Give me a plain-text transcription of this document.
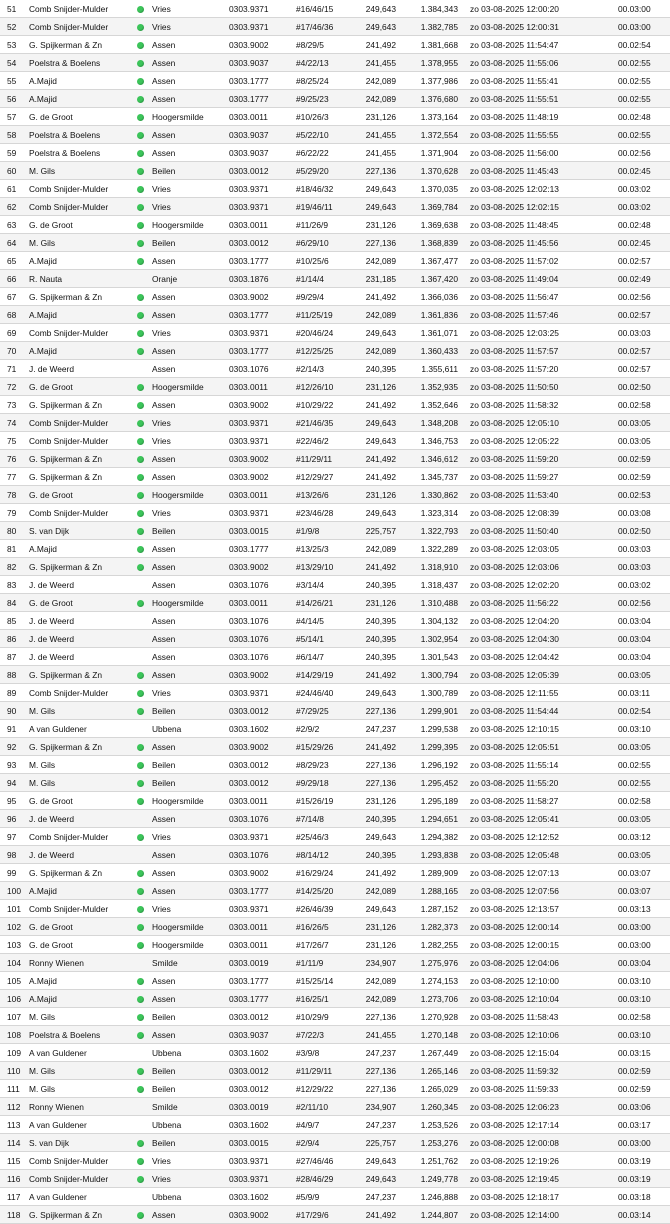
51	Comb Snijder-Mulder		Vries	0303.9371	#16/46/15	249,643	1.384,343	zo 03-08-2025 12:00:20	00.03:00
52	Comb Snijder-Mulder		Vries	0303.9371	#17/46/36	249,643	1.382,785	zo 03-08-2025 12:00:31	00.03:00
53	G. Spijkerman & Zn		Assen	0303.9002	#8/29/5	241,492	1.381,668	zo 03-08-2025 11:54:47	00.02:54
54	Poelstra & Boelens		Assen	0303.9037	#4/22/13	241,455	1.378,955	zo 03-08-2025 11:55:06	00.02:55
55	A.Majid		Assen	0303.1777	#8/25/24	242,089	1.377,986	zo 03-08-2025 11:55:41	00.02:55
56	A.Majid		Assen	0303.1777	#9/25/23	242,089	1.376,680	zo 03-08-2025 11:55:51	00.02:55
57	G. de Groot		Hoogersmilde	0303.0011	#10/26/3	231,126	1.373,164	zo 03-08-2025 11:48:19	00.02:48
58	Poelstra & Boelens		Assen	0303.9037	#5/22/10	241,455	1.372,554	zo 03-08-2025 11:55:55	00.02:55
59	Poelstra & Boelens		Assen	0303.9037	#6/22/22	241,455	1.371,904	zo 03-08-2025 11:56:00	00.02:56
60	M. Gils		Beilen	0303.0012	#5/29/20	227,136	1.370,628	zo 03-08-2025 11:45:43	00.02:45
61	Comb Snijder-Mulder		Vries	0303.9371	#18/46/32	249,643	1.370,035	zo 03-08-2025 12:02:13	00.03:02
62	Comb Snijder-Mulder		Vries	0303.9371	#19/46/11	249,643	1.369,784	zo 03-08-2025 12:02:15	00.03:02
63	G. de Groot		Hoogersmilde	0303.0011	#11/26/9	231,126	1.369,638	zo 03-08-2025 11:48:45	00.02:48
64	M. Gils		Beilen	0303.0012	#6/29/10	227,136	1.368,839	zo 03-08-2025 11:45:56	00.02:45
65	A.Majid		Assen	0303.1777	#10/25/6	242,089	1.367,477	zo 03-08-2025 11:57:02	00.02:57
66	R. Nauta		Oranje	0303.1876	#1/14/4	231,185	1.367,420	zo 03-08-2025 11:49:04	00.02:49
67	G. Spijkerman & Zn		Assen	0303.9002	#9/29/4	241,492	1.366,036	zo 03-08-2025 11:56:47	00.02:56
68	A.Majid		Assen	0303.1777	#11/25/19	242,089	1.361,836	zo 03-08-2025 11:57:46	00.02:57
69	Comb Snijder-Mulder		Vries	0303.9371	#20/46/24	249,643	1.361,071	zo 03-08-2025 12:03:25	00.03:03
70	A.Majid		Assen	0303.1777	#12/25/25	242,089	1.360,433	zo 03-08-2025 11:57:57	00.02:57
71	J. de Weerd		Assen	0303.1076	#2/14/3	240,395	1.355,611	zo 03-08-2025 11:57:20	00.02:57
72	G. de Groot		Hoogersmilde	0303.0011	#12/26/10	231,126	1.352,935	zo 03-08-2025 11:50:50	00.02:50
73	G. Spijkerman & Zn		Assen	0303.9002	#10/29/22	241,492	1.352,646	zo 03-08-2025 11:58:32	00.02:58
74	Comb Snijder-Mulder		Vries	0303.9371	#21/46/35	249,643	1.348,208	zo 03-08-2025 12:05:10	00.03:05
75	Comb Snijder-Mulder		Vries	0303.9371	#22/46/2	249,643	1.346,753	zo 03-08-2025 12:05:22	00.03:05
76	G. Spijkerman & Zn		Assen	0303.9002	#11/29/11	241,492	1.346,612	zo 03-08-2025 11:59:20	00.02:59
77	G. Spijkerman & Zn		Assen	0303.9002	#12/29/27	241,492	1.345,737	zo 03-08-2025 11:59:27	00.02:59
78	G. de Groot		Hoogersmilde	0303.0011	#13/26/6	231,126	1.330,862	zo 03-08-2025 11:53:40	00.02:53
79	Comb Snijder-Mulder		Vries	0303.9371	#23/46/28	249,643	1.323,314	zo 03-08-2025 12:08:39	00.03:08
80	S. van Dijk		Beilen	0303.0015	#1/9/8	225,757	1.322,793	zo 03-08-2025 11:50:40	00.02:50
81	A.Majid		Assen	0303.1777	#13/25/3	242,089	1.322,289	zo 03-08-2025 12:03:05	00.03:03
82	G. Spijkerman & Zn		Assen	0303.9002	#13/29/10	241,492	1.318,910	zo 03-08-2025 12:03:06	00.03:03
83	J. de Weerd		Assen	0303.1076	#3/14/4	240,395	1.318,437	zo 03-08-2025 12:02:20	00.03:02
84	G. de Groot		Hoogersmilde	0303.0011	#14/26/21	231,126	1.310,488	zo 03-08-2025 11:56:22	00.02:56
85	J. de Weerd		Assen	0303.1076	#4/14/5	240,395	1.304,132	zo 03-08-2025 12:04:20	00.03:04
86	J. de Weerd		Assen	0303.1076	#5/14/1	240,395	1.302,954	zo 03-08-2025 12:04:30	00.03:04
87	J. de Weerd		Assen	0303.1076	#6/14/7	240,395	1.301,543	zo 03-08-2025 12:04:42	00.03:04
88	G. Spijkerman & Zn		Assen	0303.9002	#14/29/19	241,492	1.300,794	zo 03-08-2025 12:05:39	00.03:05
89	Comb Snijder-Mulder		Vries	0303.9371	#24/46/40	249,643	1.300,789	zo 03-08-2025 12:11:55	00.03:11
90	M. Gils		Beilen	0303.0012	#7/29/25	227,136	1.299,901	zo 03-08-2025 11:54:44	00.02:54
91	A van Guldener		Ubbena	0303.1602	#2/9/2	247,237	1.299,538	zo 03-08-2025 12:10:15	00.03:10
92	G. Spijkerman & Zn		Assen	0303.9002	#15/29/26	241,492	1.299,395	zo 03-08-2025 12:05:51	00.03:05
93	M. Gils		Beilen	0303.0012	#8/29/23	227,136	1.296,192	zo 03-08-2025 11:55:14	00.02:55
94	M. Gils		Beilen	0303.0012	#9/29/18	227,136	1.295,452	zo 03-08-2025 11:55:20	00.02:55
95	G. de Groot		Hoogersmilde	0303.0011	#15/26/19	231,126	1.295,189	zo 03-08-2025 11:58:27	00.02:58
96	J. de Weerd		Assen	0303.1076	#7/14/8	240,395	1.294,651	zo 03-08-2025 12:05:41	00.03:05
97	Comb Snijder-Mulder		Vries	0303.9371	#25/46/3	249,643	1.294,382	zo 03-08-2025 12:12:52	00.03:12
98	J. de Weerd		Assen	0303.1076	#8/14/12	240,395	1.293,838	zo 03-08-2025 12:05:48	00.03:05
99	G. Spijkerman & Zn		Assen	0303.9002	#16/29/24	241,492	1.289,909	zo 03-08-2025 12:07:13	00.03:07
100	A.Majid		Assen	0303.1777	#14/25/20	242,089	1.288,165	zo 03-08-2025 12:07:56	00.03:07
101	Comb Snijder-Mulder		Vries	0303.9371	#26/46/39	249,643	1.287,152	zo 03-08-2025 12:13:57	00.03:13
102	G. de Groot		Hoogersmilde	0303.0011	#16/26/5	231,126	1.282,373	zo 03-08-2025 12:00:14	00.03:00
103	G. de Groot		Hoogersmilde	0303.0011	#17/26/7	231,126	1.282,255	zo 03-08-2025 12:00:15	00.03:00
104	Ronny Wienen		Smilde	0303.0019	#1/11/9	234,907	1.275,976	zo 03-08-2025 12:04:06	00.03:04
105	A.Majid		Assen	0303.1777	#15/25/14	242,089	1.274,153	zo 03-08-2025 12:10:00	00.03:10
106	A.Majid		Assen	0303.1777	#16/25/1	242,089	1.273,706	zo 03-08-2025 12:10:04	00.03:10
107	M. Gils		Beilen	0303.0012	#10/29/9	227,136	1.270,928	zo 03-08-2025 11:58:43	00.02:58
108	Poelstra & Boelens		Assen	0303.9037	#7/22/3	241,455	1.270,148	zo 03-08-2025 12:10:06	00.03:10
109	A van Guldener		Ubbena	0303.1602	#3/9/8	247,237	1.267,449	zo 03-08-2025 12:15:04	00.03:15
110	M. Gils		Beilen	0303.0012	#11/29/11	227,136	1.265,146	zo 03-08-2025 11:59:32	00.02:59
111	M. Gils		Beilen	0303.0012	#12/29/22	227,136	1.265,029	zo 03-08-2025 11:59:33	00.02:59
112	Ronny Wienen		Smilde	0303.0019	#2/11/10	234,907	1.260,345	zo 03-08-2025 12:06:23	00.03:06
113	A van Guldener		Ubbena	0303.1602	#4/9/7	247,237	1.253,526	zo 03-08-2025 12:17:14	00.03:17
114	S. van Dijk		Beilen	0303.0015	#2/9/4	225,757	1.253,276	zo 03-08-2025 12:00:08	00.03:00
115	Comb Snijder-Mulder		Vries	0303.9371	#27/46/46	249,643	1.251,762	zo 03-08-2025 12:19:26	00.03:19
116	Comb Snijder-Mulder		Vries	0303.9371	#28/46/29	249,643	1.249,778	zo 03-08-2025 12:19:45	00.03:19
117	A van Guldener		Ubbena	0303.1602	#5/9/9	247,237	1.246,888	zo 03-08-2025 12:18:17	00.03:18
118	G. Spijkerman & Zn		Assen	0303.9002	#17/29/6	241,492	1.244,807	zo 03-08-2025 12:14:00	00.03:14
